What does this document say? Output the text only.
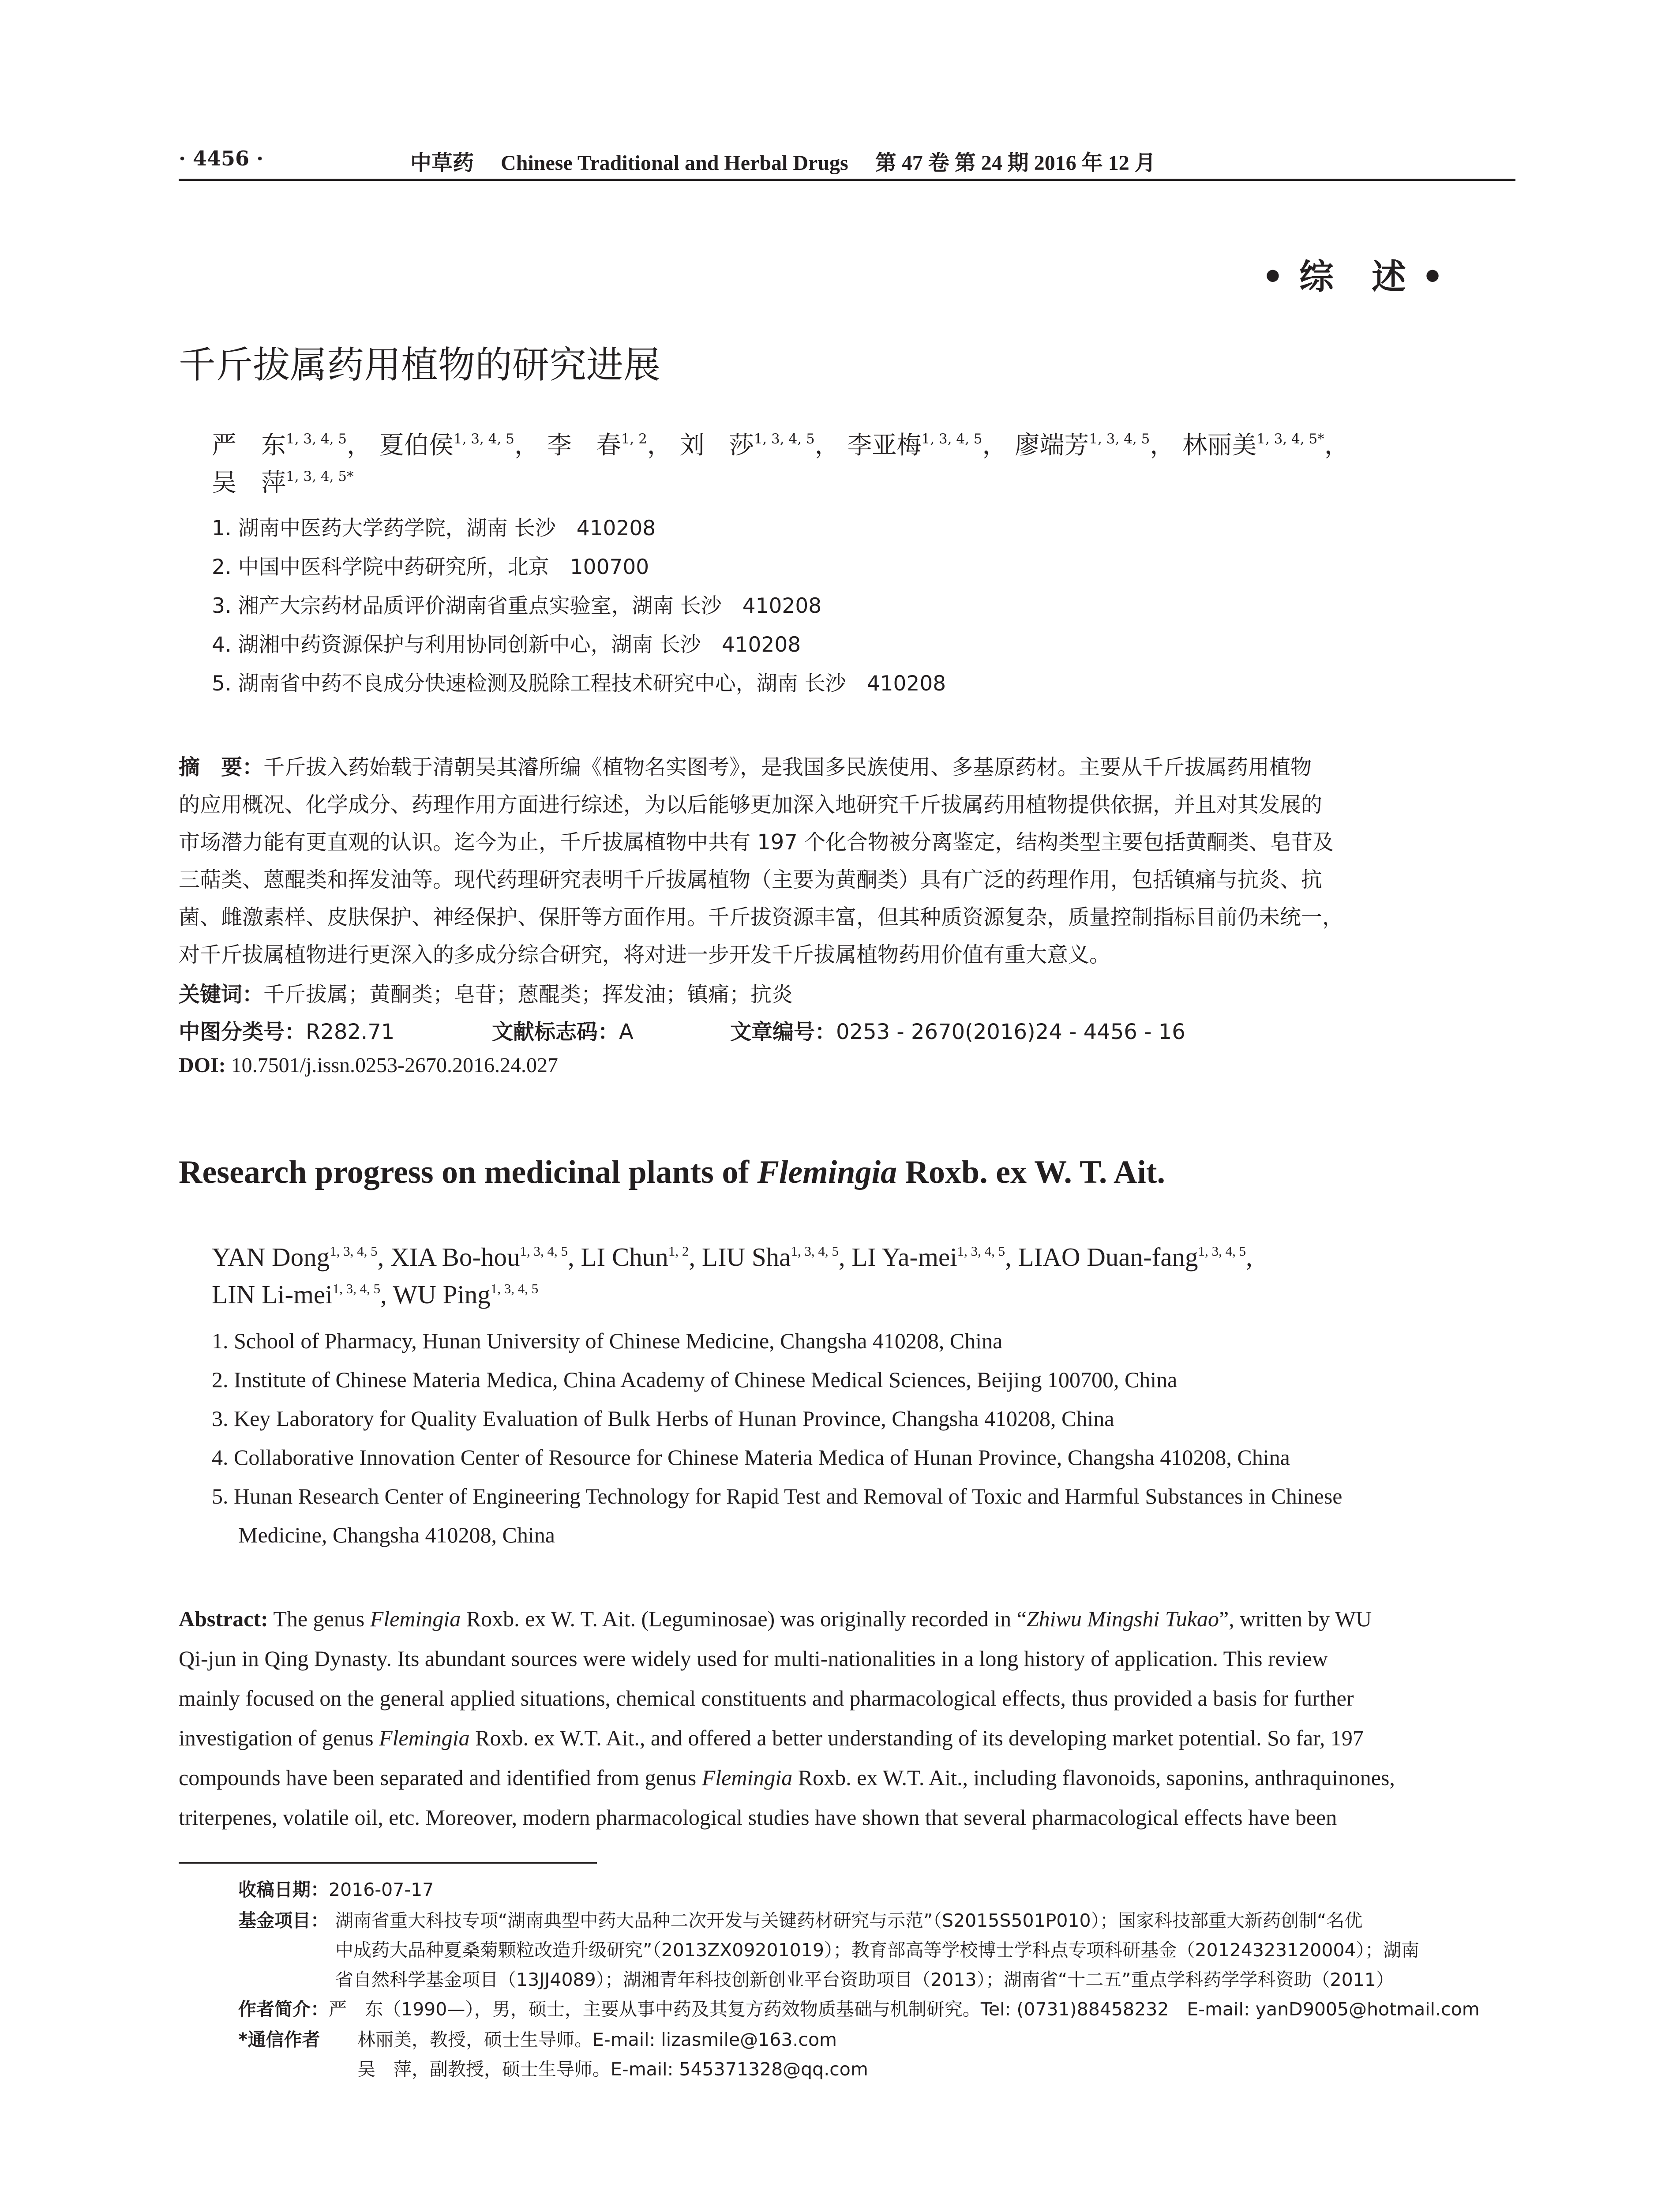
· 4456 ·	中草药 Chinese Traditional and Herbal Drugs 第 47 卷 第 24 期 2016 年 12 月
• 综　述 •
千斤拔属药用植物的研究进展
严　东$^{1, 3, 4, 5}$， 夏伯侯$^{1, 3, 4, 5}$， 李　春$^{1, 2}$， 刘　莎$^{1, 3, 4, 5}$， 李亚梅$^{1, 3, 4, 5}$， 廖端芳$^{1, 3, 4, 5}$， 林丽美$^{1, 3, 4, 5*}$，
吴　萍$^{1, 3, 4, 5*}$
1. 湖南中医药大学药学院，湖南 长沙　410208
2. 中国中医科学院中药研究所，北京　100700
3. 湘产大宗药材品质评价湖南省重点实验室，湖南 长沙　410208
4. 湖湘中药资源保护与利用协同创新中心，湖南 长沙　410208
5. 湖南省中药不良成分快速检测及脱除工程技术研究中心，湖南 长沙　410208
摘　要：千斤拔入药始载于清朝吴其濬所编《植物名实图考》，是我国多民族使用、多基原药材。主要从千斤拔属药用植物
的应用概况、化学成分、药理作用方面进行综述，为以后能够更加深入地研究千斤拔属药用植物提供依据，并且对其发展的
市场潜力能有更直观的认识。迄今为止，千斤拔属植物中共有 197 个化合物被分离鉴定，结构类型主要包括黄酮类、皂苷及
三萜类、蒽醌类和挥发油等。现代药理研究表明千斤拔属植物（主要为黄酮类）具有广泛的药理作用，包括镇痛与抗炎、抗
菌、雌激素样、皮肤保护、神经保护、保肝等方面作用。千斤拔资源丰富，但其种质资源复杂，质量控制指标目前仍未统一，
对千斤拔属植物进行更深入的多成分综合研究，将对进一步开发千斤拔属植物药用价值有重大意义。
关键词：千斤拔属；黄酮类；皂苷；蒽醌类；挥发油；镇痛；抗炎
中图分类号：R282.71	文献标志码：A	文章编号：0253 - 2670(2016)24 - 4456 - 16
DOI: 10.7501/j.issn.0253-2670.2016.24.027
Research progress on medicinal plants of Flemingia Roxb. ex W. T. Ait.
YAN Dong$^{1, 3, 4, 5}$, XIA Bo-hou$^{1, 3, 4, 5}$, LI Chun$^{1, 2}$, LIU Sha$^{1, 3, 4, 5}$, LI Ya-mei$^{1, 3, 4, 5}$, LIAO Duan-fang$^{1, 3, 4, 5}$,
LIN Li-mei$^{1, 3, 4, 5}$, WU Ping$^{1, 3, 4, 5}$
1. School of Pharmacy, Hunan University of Chinese Medicine, Changsha 410208, China
2. Institute of Chinese Materia Medica, China Academy of Chinese Medical Sciences, Beijing 100700, China
3. Key Laboratory for Quality Evaluation of Bulk Herbs of Hunan Province, Changsha 410208, China
4. Collaborative Innovation Center of Resource for Chinese Materia Medica of Hunan Province, Changsha 410208, China
5. Hunan Research Center of Engineering Technology for Rapid Test and Removal of Toxic and Harmful Substances in Chinese
Medicine, Changsha 410208, China
Abstract: The genus Flemingia Roxb. ex W. T. Ait. (Leguminosae) was originally recorded in “Zhiwu Mingshi Tukao”, written by WU
Qi-jun in Qing Dynasty. Its abundant sources were widely used for multi-nationalities in a long history of application. This review
mainly focused on the general applied situations, chemical constituents and pharmacological effects, thus provided a basis for further
investigation of genus Flemingia Roxb. ex W.T. Ait., and offered a better understanding of its developing market potential. So far, 197
compounds have been separated and identified from genus Flemingia Roxb. ex W.T. Ait., including flavonoids, saponins, anthraquinones,
triterpenes, volatile oil, etc. Moreover, modern pharmacological studies have shown that several pharmacological effects have been
收稿日期：2016-07-17
基金项目： 湖南省重大科技专项“湖南典型中药大品种二次开发与关键药材研究与示范”（S2015S501P010）；国家科技部重大新药创制“名优
中成药大品种夏桑菊颗粒改造升级研究”（2013ZX09201019）；教育部高等学校博士学科点专项科研基金（20124323120004）；湖南
省自然科学基金项目（13JJ4089）；湖湘青年科技创新创业平台资助项目（2013）；湖南省“十二五”重点学科药学学科资助（2011）
作者简介：严　东（1990—），男，硕士，主要从事中药及其复方药效物质基础与机制研究。Tel: (0731)88458232　E-mail: yanD9005@hotmail.com
*通信作者 林丽美，教授，硕士生导师。E-mail: lizasmile@163.com
吴　萍，副教授，硕士生导师。E-mail: 545371328@qq.com
